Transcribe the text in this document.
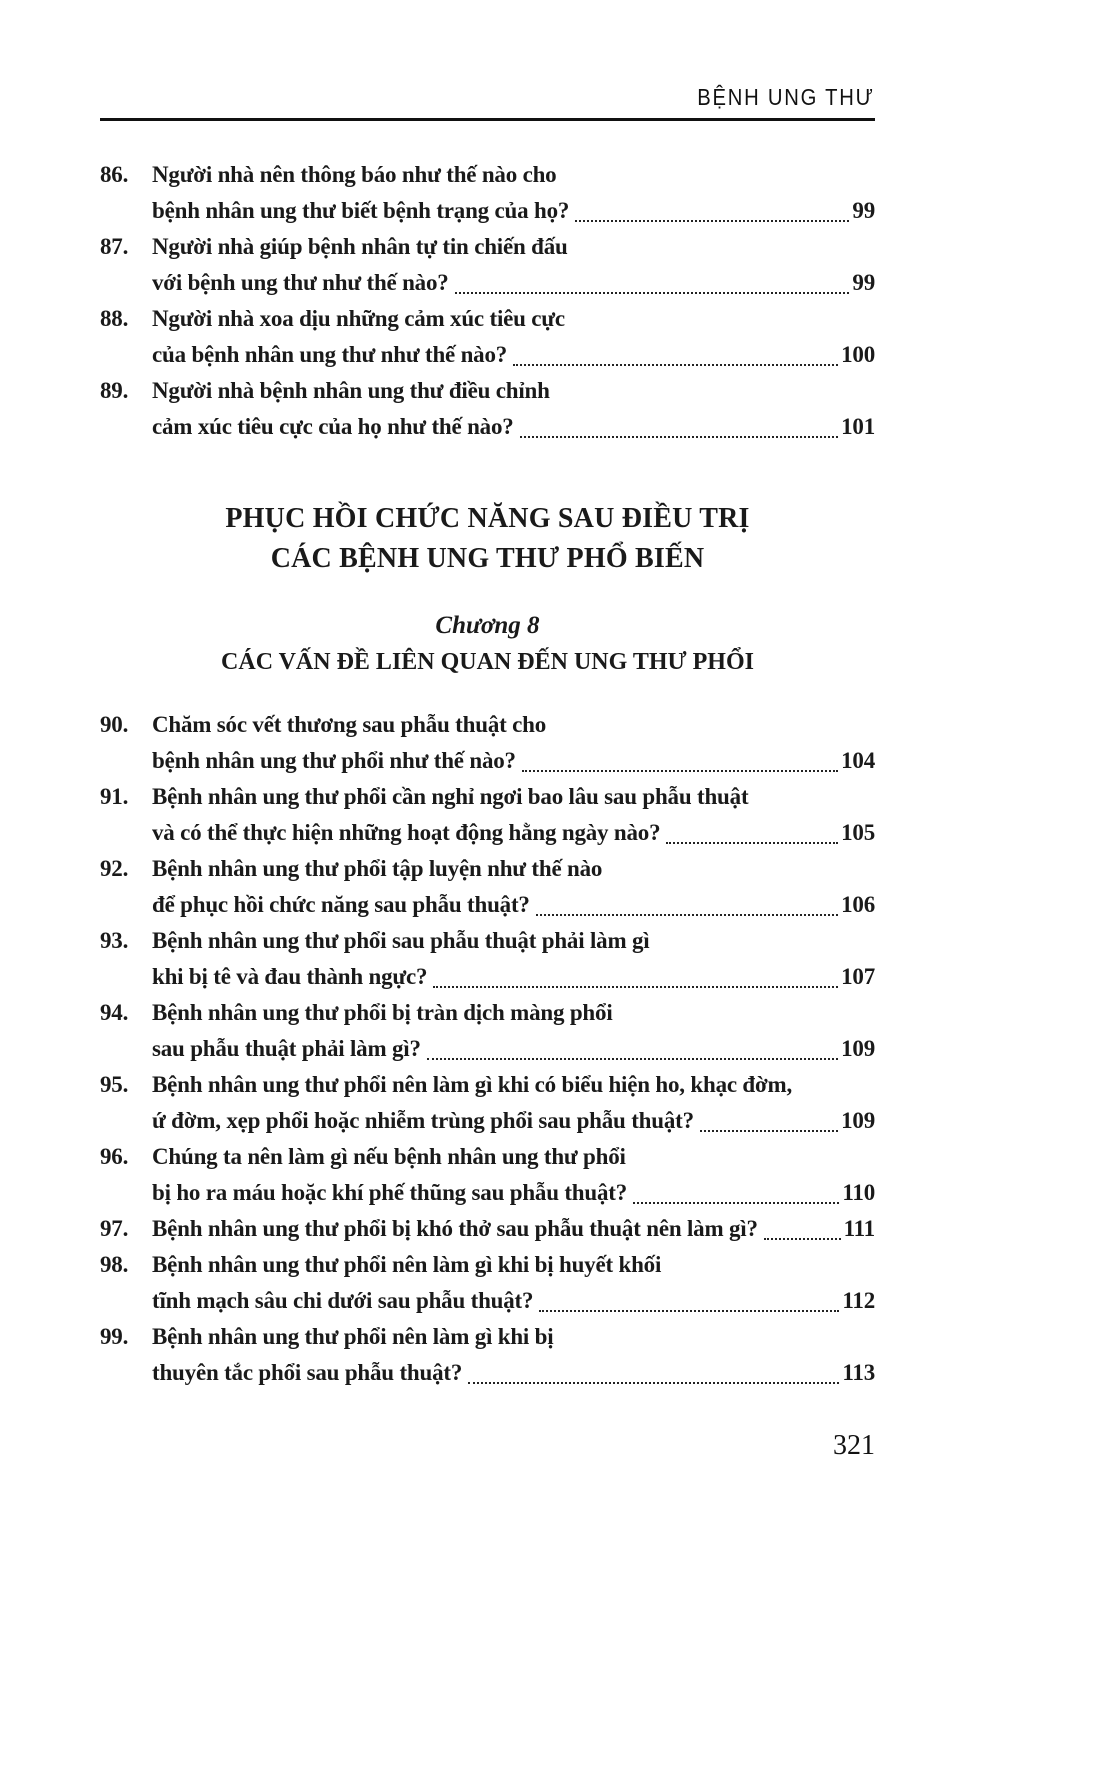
BỆNH UNG THƯ
86.	Người nhà nên thông báo như thế nào cho
bệnh nhân ung thư biết bệnh trạng của họ?	99
87.	Người nhà giúp bệnh nhân tự tin chiến đấu
với bệnh ung thư như thế nào?	99
88.	Người nhà xoa dịu những cảm xúc tiêu cực
của bệnh nhân ung thư như thế nào?	100
89.	Người nhà bệnh nhân ung thư điều chỉnh
cảm xúc tiêu cực của họ như thế nào?	101
PHỤC HỒI CHỨC NĂNG SAU ĐIỀU TRỊ
CÁC BỆNH UNG THƯ PHỔ BIẾN
Chương 8
CÁC VẤN ĐỀ LIÊN QUAN ĐẾN UNG THƯ PHỔI
90.	Chăm sóc vết thương sau phẫu thuật cho
bệnh nhân ung thư phổi như thế nào?	104
91.	Bệnh nhân ung thư phổi cần nghỉ ngơi bao lâu sau phẫu thuật
và có thể thực hiện những hoạt động hằng ngày nào?	105
92.	Bệnh nhân ung thư phổi tập luyện như thế nào
để phục hồi chức năng sau phẫu thuật?	106
93.	Bệnh nhân ung thư phổi sau phẫu thuật phải làm gì
khi bị tê và đau thành ngực?	107
94.	Bệnh nhân ung thư phổi bị tràn dịch màng phổi
sau phẫu thuật phải làm gì?	109
95.	Bệnh nhân ung thư phổi nên làm gì khi có biểu hiện ho, khạc đờm,
ứ đờm, xẹp phổi hoặc nhiễm trùng phổi sau phẫu thuật?	109
96.	Chúng ta nên làm gì nếu bệnh nhân ung thư phổi
bị ho ra máu hoặc khí phế thũng sau phẫu thuật?	110
97.	Bệnh nhân ung thư phổi bị khó thở sau phẫu thuật nên làm gì?	111
98.	Bệnh nhân ung thư phổi nên làm gì khi bị huyết khối
tĩnh mạch sâu chi dưới sau phẫu thuật?	112
99.	Bệnh nhân ung thư phổi nên làm gì khi bị
thuyên tắc phổi sau phẫu thuật?	113
321
